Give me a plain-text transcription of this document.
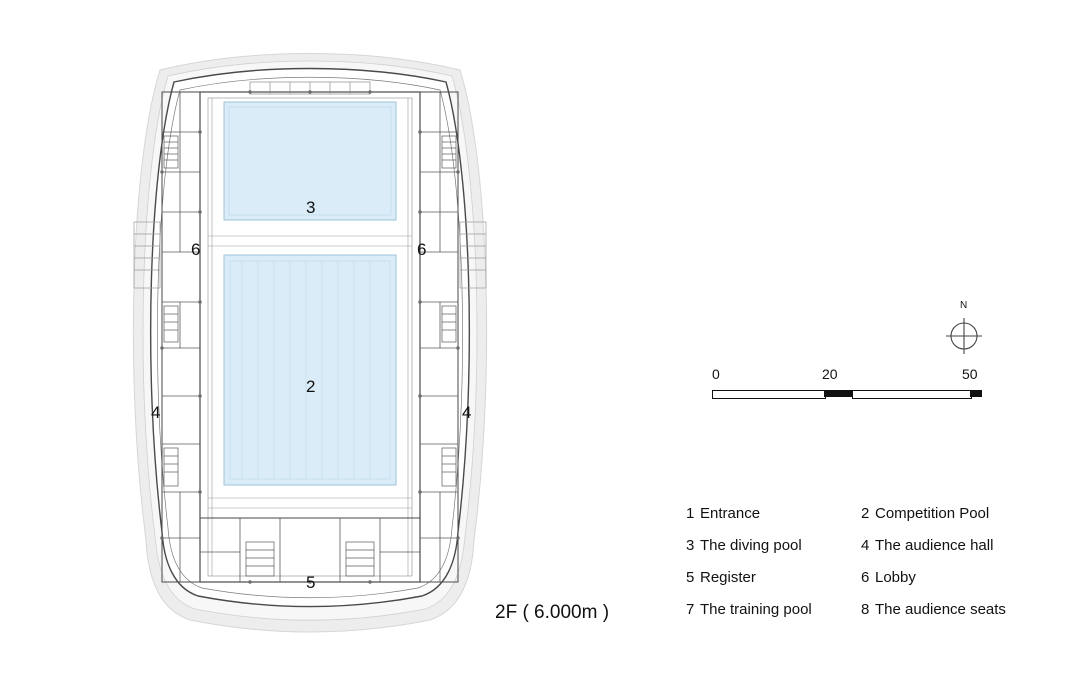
3
6	6
4	4
2
5
2F ( 6.000m )
N
0	20	50
1 Entrance	2 Competition Pool
3 The diving pool	4 The audience hall
5 Register	6 Lobby
7 The training pool	8 The audience seats
